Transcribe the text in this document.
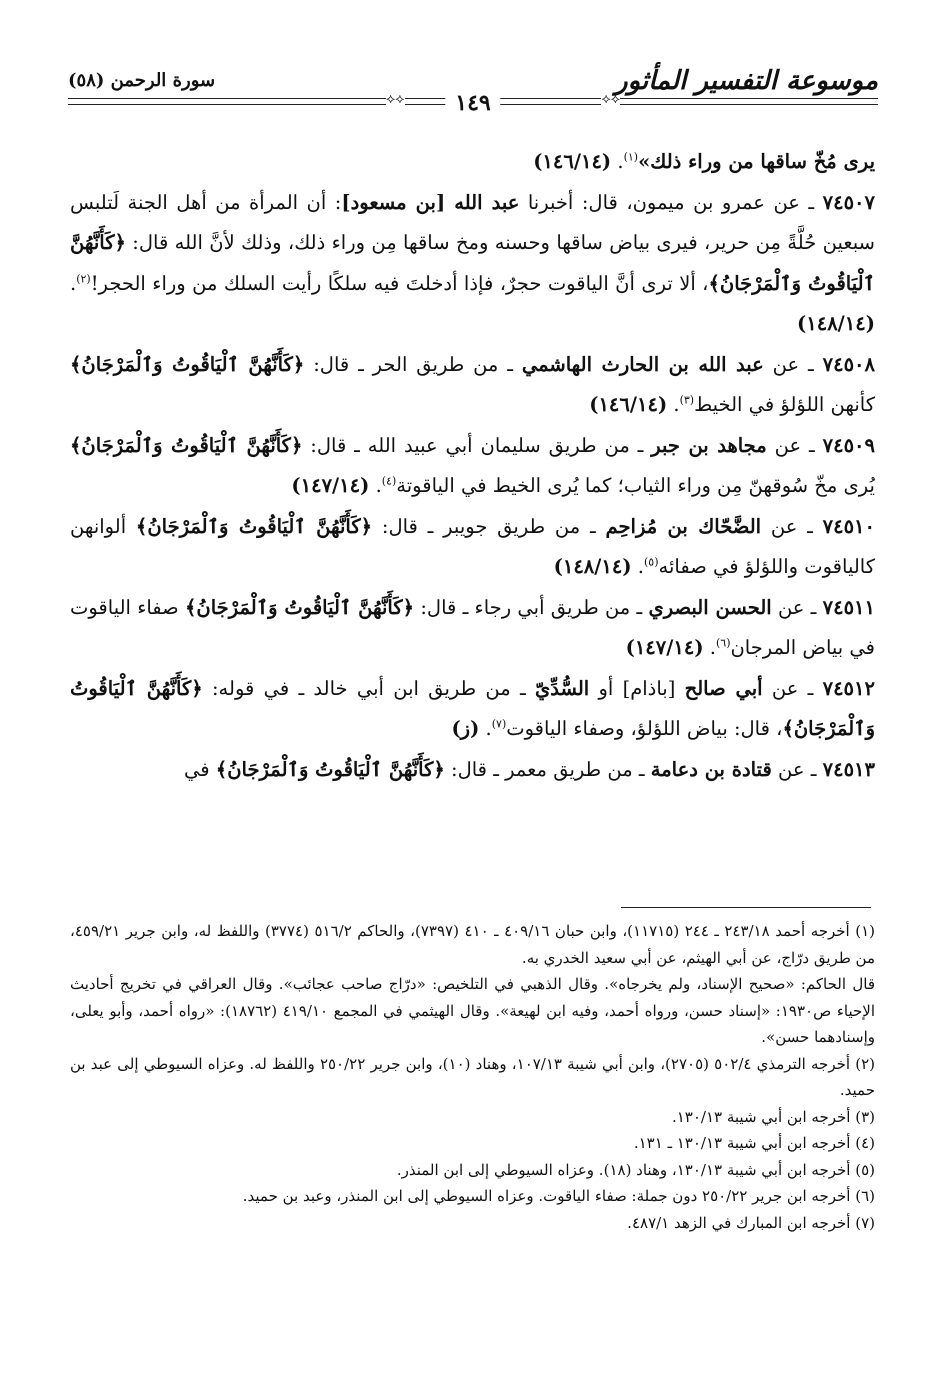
⟡⟡
⟡⟡
موسوعة التفسير المأثور
١٤٩
سورة الرحمن (٥٨)

يرى مُخّ ساقها من وراء ذلك»$^{(١)}$. (١٤٦/١٤)

٧٤٥٠٧ ـ عن عمرو بن ميمون، قال: أخبرنا عبد الله [بن مسعود]: أن المرأة من أهل الجنة لَتلبس سبعين حُلَّةً مِن حرير، فيرى بياض ساقها وحسنه ومخ ساقها مِن وراء ذلك، وذلك لأنَّ الله قال: ﴿كَأَنَّهُنَّ ٱلْيَاقُوتُ وَٱلْمَرْجَانُ﴾، ألا ترى أنَّ الياقوت حجرٌ، فإذا أدخلتَ فيه سلكًا رأيت السلك من وراء الحجر!$^{(٢)}$. (١٤٨/١٤)

٧٤٥٠٨ ـ عن عبد الله بن الحارث الهاشمي ـ من طريق الحر ـ قال: ﴿كَأَنَّهُنَّ ٱلْيَاقُوتُ وَٱلْمَرْجَانُ﴾ كأنهن اللؤلؤ في الخيط$^{(٣)}$. (١٤٦/١٤)

٧٤٥٠٩ ـ عن مجاهد بن جبر ـ من طريق سليمان أبي عبيد الله ـ قال: ﴿كَأَنَّهُنَّ ٱلْيَاقُوتُ وَٱلْمَرْجَانُ﴾ يُرى مخّ سُوقهنّ مِن وراء الثياب؛ كما يُرى الخيط في الياقوتة$^{(٤)}$. (١٤٧/١٤)

٧٤٥١٠ ـ عن الضَّحّاك بن مُزاحِم ـ من طريق جويبر ـ قال: ﴿كَأَنَّهُنَّ ٱلْيَاقُوتُ وَٱلْمَرْجَانُ﴾ ألوانهن كالياقوت واللؤلؤ في صفائه$^{(٥)}$. (١٤٨/١٤)

٧٤٥١١ ـ عن الحسن البصري ـ من طريق أبي رجاء ـ قال: ﴿كَأَنَّهُنَّ ٱلْيَاقُوتُ وَٱلْمَرْجَانُ﴾ صفاء الياقوت في بياض المرجان$^{(٦)}$. (١٤٧/١٤)

٧٤٥١٢ ـ عن أبي صالح [باذام] أو السُّدِّيّ ـ من طريق ابن أبي خالد ـ في قوله: ﴿كَأَنَّهُنَّ ٱلْيَاقُوتُ وَٱلْمَرْجَانُ﴾، قال: بياض اللؤلؤ، وصفاء الياقوت$^{(٧)}$. (ز)

٧٤٥١٣ ـ عن قتادة بن دعامة ـ من طريق معمر ـ قال: ﴿كَأَنَّهُنَّ ٱلْيَاقُوتُ وَٱلْمَرْجَانُ﴾ في

(١) أخرجه أحمد ٢٤٣/١٨ ـ ٢٤٤ (١١٧١٥)، وابن حبان ٤٠٩/١٦ ـ ٤١٠ (٧٣٩٧)، والحاكم ٥١٦/٢ (٣٧٧٤) واللفظ له، وابن جرير ٤٥٩/٢١، من طريق درّاج، عن أبي الهيثم، عن أبي سعيد الخدري به.

قال الحاكم: «صحيح الإسناد، ولم يخرجاه». وقال الذهبي في التلخيص: «درّاج صاحب عجائب». وقال العراقي في تخريج أحاديث الإحياء ص١٩٣٠: «إسناد حسن، ورواه أحمد، وفيه ابن لهيعة». وقال الهيثمي في المجمع ٤١٩/١٠ (١٨٧٦٢): «رواه أحمد، وأبو يعلى، وإسنادهما حسن».

(٢) أخرجه الترمذي ٥٠٢/٤ (٢٧٠٥)، وابن أبي شيبة ١٠٧/١٣، وهناد (١٠)، وابن جرير ٢٥٠/٢٢ واللفظ له. وعزاه السيوطي إلى عبد بن حميد.

(٣) أخرجه ابن أبي شيبة ١٣٠/١٣.

(٤) أخرجه ابن أبي شيبة ١٣٠/١٣ ـ ١٣١.

(٥) أخرجه ابن أبي شيبة ١٣٠/١٣، وهناد (١٨). وعزاه السيوطي إلى ابن المنذر.

(٦) أخرجه ابن جرير ٢٥٠/٢٢ دون جملة: صفاء الياقوت. وعزاه السيوطي إلى ابن المنذر، وعبد بن حميد.

(٧) أخرجه ابن المبارك في الزهد ٤٨٧/١.
